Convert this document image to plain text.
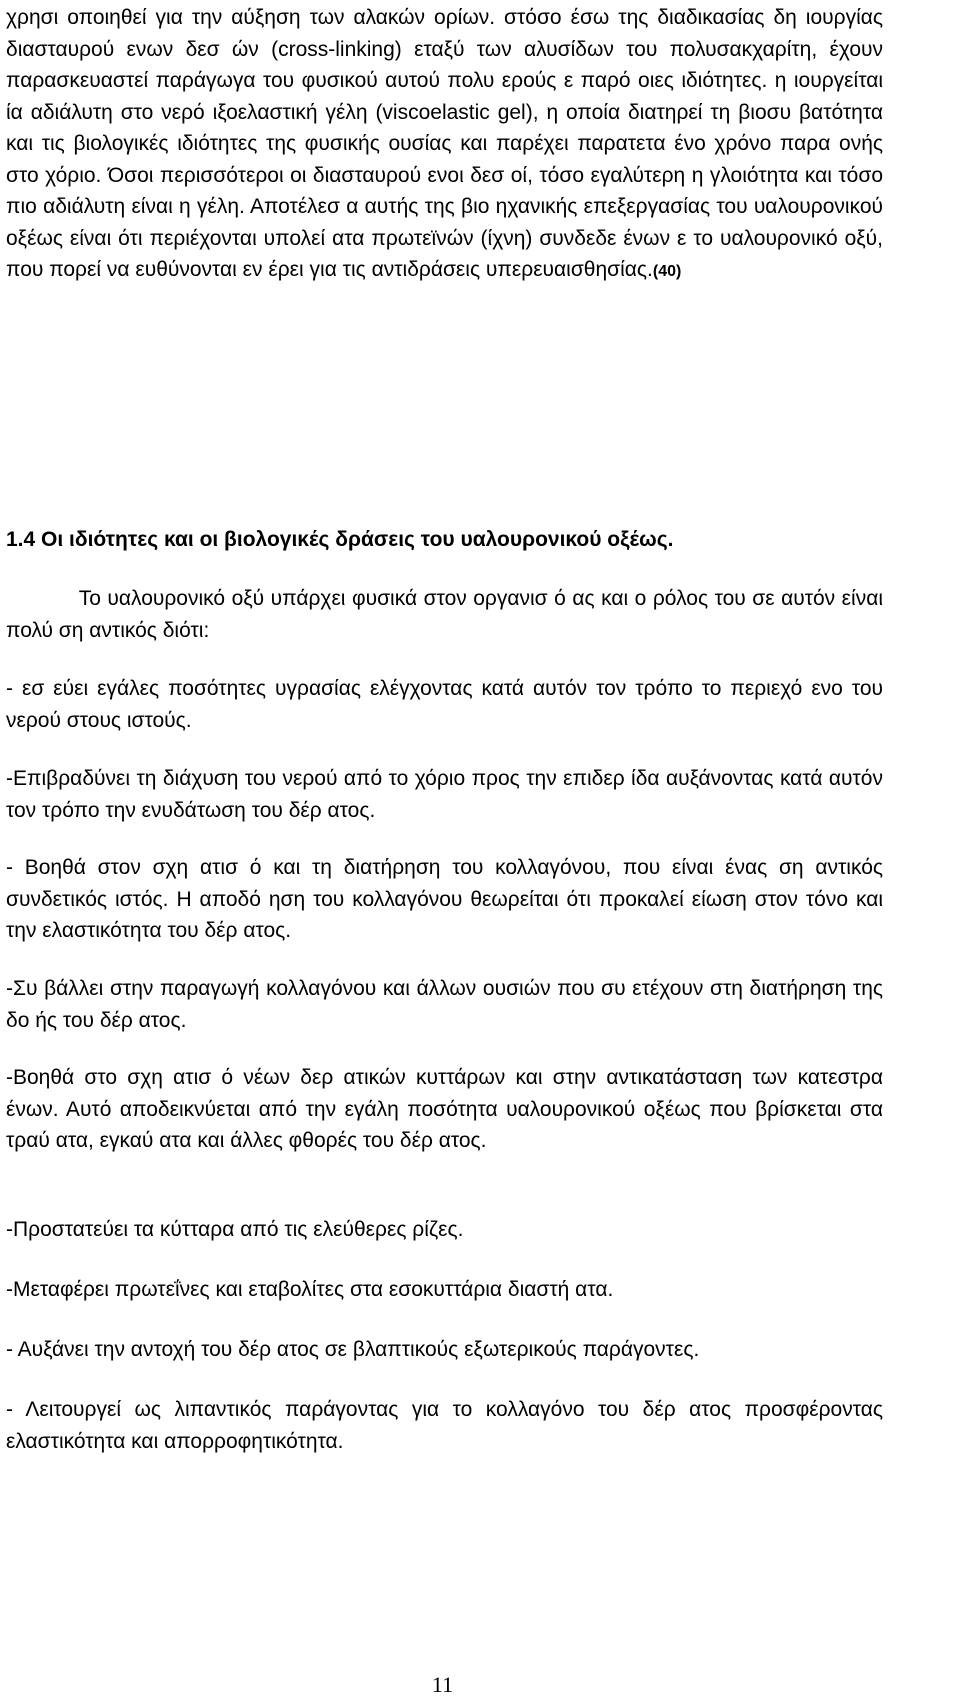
χρησι οποιηθεί για την αύξηση των αλακών ορίων. στόσο έσω της διαδικασίας δη ιουργίας διασταυρού ενων δεσ ών (cross-linking) εταξύ των αλυσίδων του πολυσακχαρίτη, έχουν παρασκευαστεί παράγωγα του φυσικού αυτού πολυ ερούς ε παρό οιες ιδιότητες. η ιουργείται ία αδιάλυτη στο νερό ιξοελαστική γέλη (viscoelastic gel), η οποία διατηρεί τη βιοσυ βατότητα και τις βιολογικές ιδιότητες της φυσικής ουσίας και παρέχει παρατετα ένο χρόνο παρα ονής στο χόριο. Όσοι περισσότεροι οι διασταυρού ενοι δεσ οί, τόσο εγαλύτερη η γλοιότητα και τόσο πιο αδιάλυτη είναι η γέλη. Αποτέλεσ α αυτής της βιο ηχανικής επεξεργασίας του υαλουρονικού οξέως είναι ότι περιέχονται υπολεί ατα πρωτεϊνών (ίχνη) συνδεδε ένων ε το υαλουρονικό οξύ, που πορεί να ευθύνονται εν έρει για τις αντιδράσεις υπερευαισθησίας.(40)
1.4 Οι ιδιότητες και οι βιολογικές δράσεις του υαλουρονικού οξέως.
	Το υαλουρονικό οξύ υπάρχει φυσικά στον οργανισ ό ας και ο ρόλος του σε αυτόν είναι πολύ ση αντικός διότι:
- εσ εύει εγάλες ποσότητες υγρασίας ελέγχοντας κατά αυτόν τον τρόπο το περιεχό ενο του νερού στους ιστούς.
-Επιβραδύνει τη διάχυση του νερού από το χόριο προς την επιδερ ίδα αυξάνοντας κατά αυτόν τον τρόπο την ενυδάτωση του δέρ ατος.
- Βοηθά στον σχη ατισ ό και τη διατήρηση του κολλαγόνου, που είναι ένας ση αντικός συνδετικός ιστός. Η αποδό ηση του κολλαγόνου θεωρείται ότι προκαλεί είωση στον τόνο και την ελαστικότητα του δέρ ατος.
-Συ βάλλει στην παραγωγή κολλαγόνου και άλλων ουσιών που συ ετέχουν στη διατήρηση της δο ής του δέρ ατος.
-Βοηθά στο σχη ατισ ό νέων δερ ατικών κυττάρων και στην αντικατάσταση των κατεστρα ένων. Αυτό αποδεικνύεται από την εγάλη ποσότητα υαλουρονικού οξέως που βρίσκεται στα τραύ ατα, εγκαύ ατα και άλλες φθορές του δέρ ατος.
-Προστατεύει τα κύτταρα από τις ελεύθερες ρίζες.
-Μεταφέρει πρωτεΐνες και εταβολίτες στα εσοκυττάρια διαστή ατα.
- Αυξάνει την αντοχή του δέρ ατος σε βλαπτικούς εξωτερικούς παράγοντες.
- Λειτουργεί ως λιπαντικός παράγοντας για το κολλαγόνο του δέρ ατος προσφέροντας ελαστικότητα και απορροφητικότητα.
11
